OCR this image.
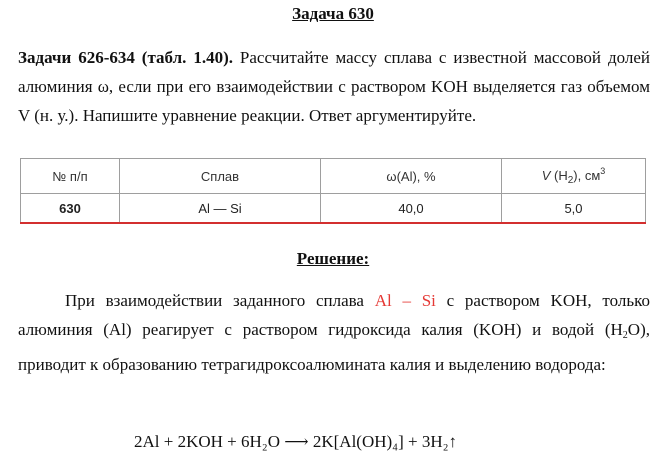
Задача 630
Задачи 626-634 (табл. 1.40). Рассчитайте массу сплава с известной массовой долей алюминия ω, если при его взаимодействии с раствором KOH выделяется газ объемом V (н. у.). Напишите уравнение реакции. Ответ аргументируйте.
№ п/п	Сплав	ω(Al), %	V $(H_2)$, $см^3$
630	Al — Si	40,0	5,0
Решение:
При взаимодействии заданного сплава Al – Si с раствором KOH, только алюминия (Al) реагирует с раствором гидроксида калия (KOH) и водой $(H_2O)$, приводит к образованию тетрагидроксоалюмината калия и выделению водорода:
2Al + 2KOH + 6H₂O ⟶ 2K[Al(OH)₄] + 3H₂↑
